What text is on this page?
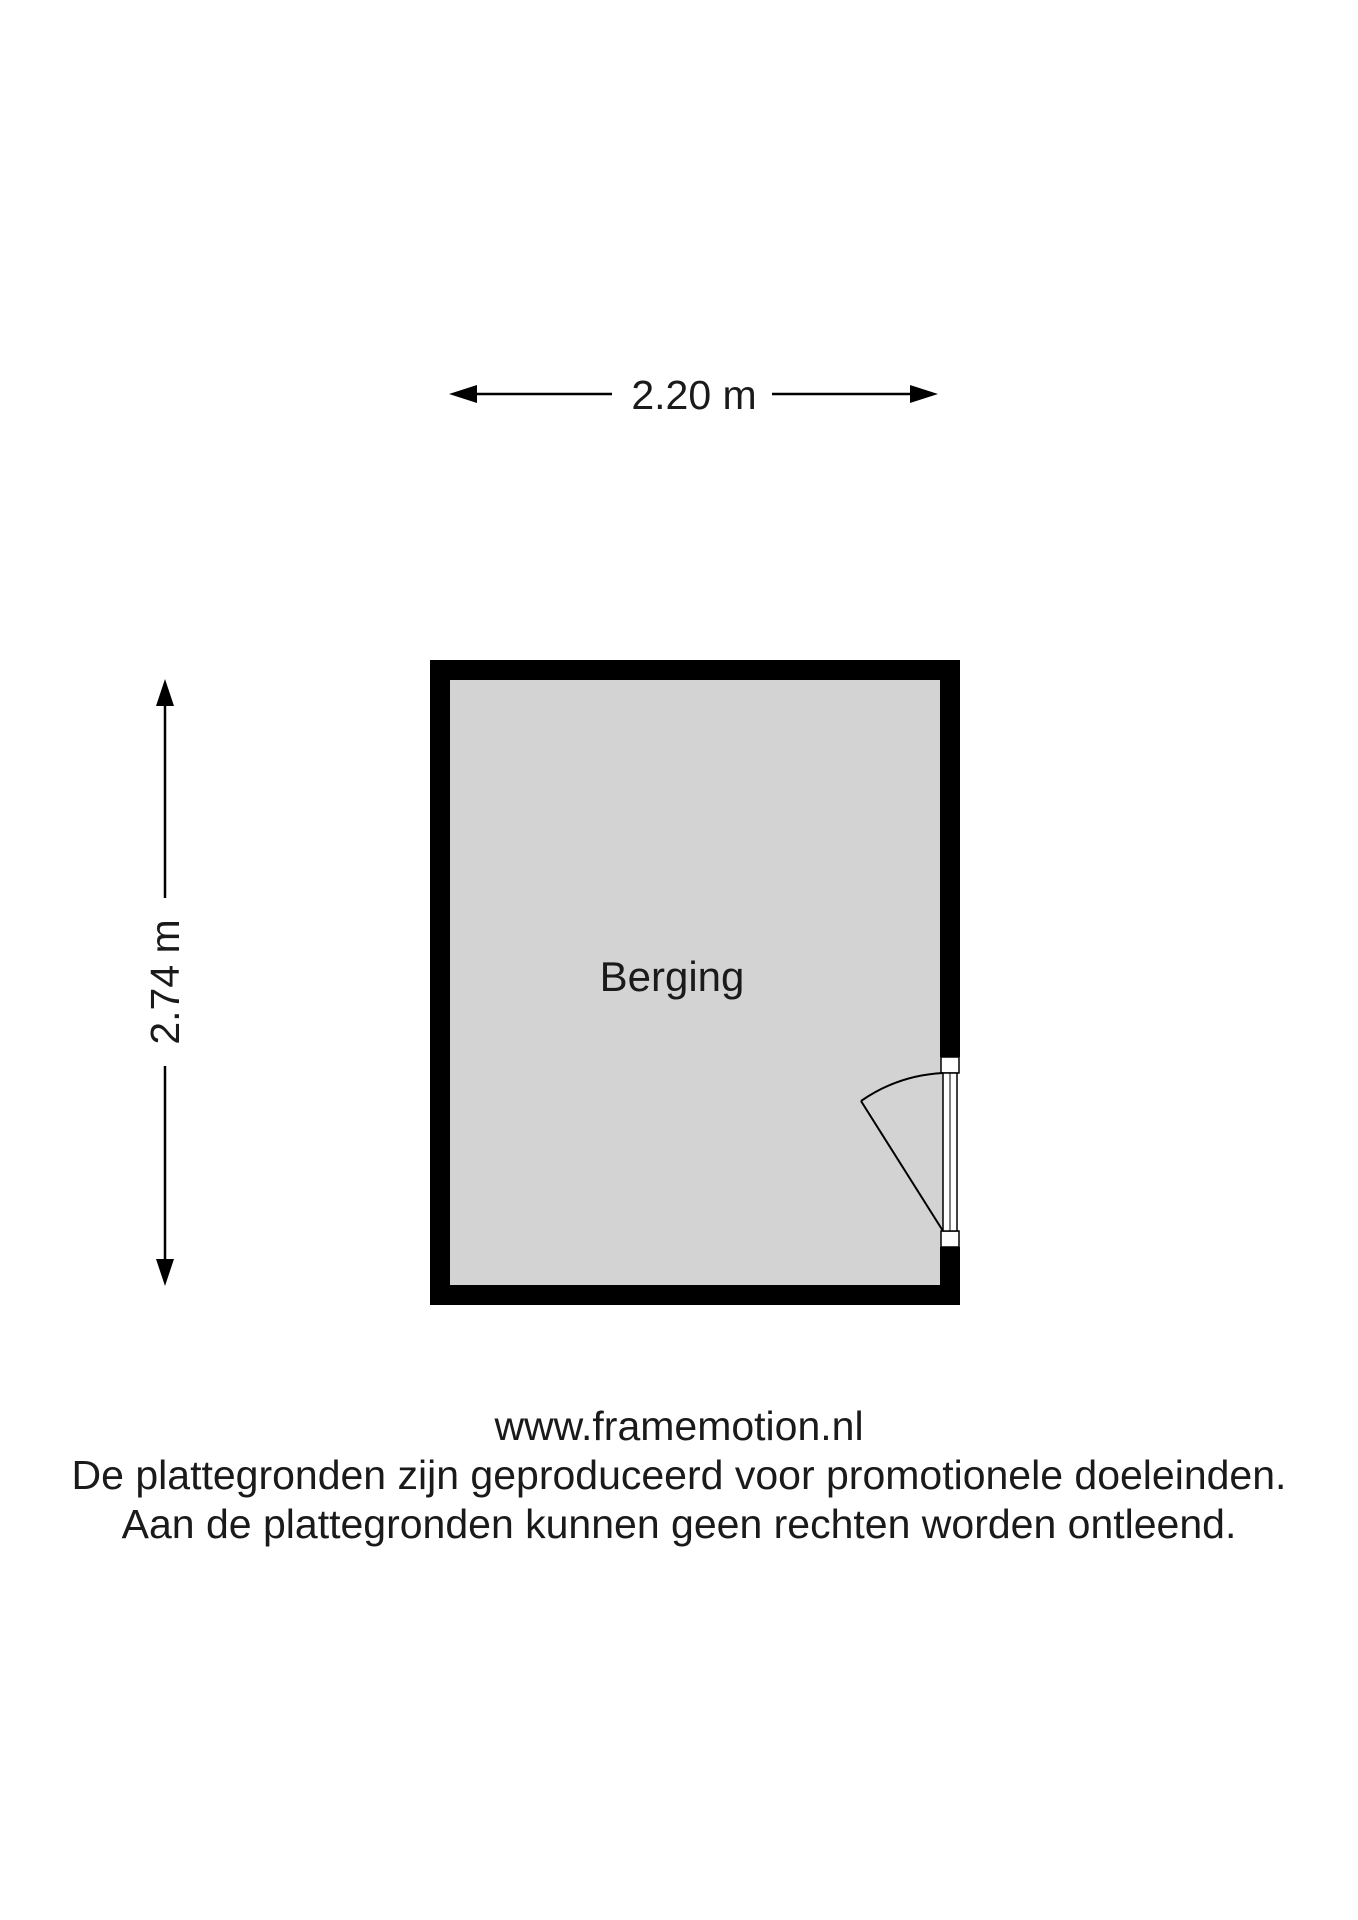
2.20 m
2.74 m	Berging
www.framemotion.nl
De plattegronden zijn geproduceerd voor promotionele doeleinden.
Aan de plattegronden kunnen geen rechten worden ontleend.
